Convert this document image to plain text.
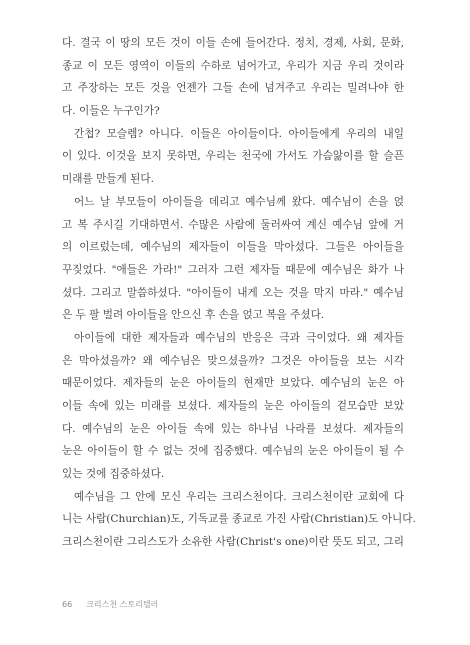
다. 결국 이 땅의 모든 것이 이들 손에 들어간다. 정치, 경제, 사회, 문화,
종교 이 모든 영역이 이들의 수하로 넘어가고, 우리가 지금 우리 것이라
고 주장하는 모든 것을 언젠가 그들 손에 넘겨주고 우리는 밀려나야 한
다. 이들은 누구인가?
간첩? 모슬렘? 아니다. 이들은 아이들이다. 아이들에게 우리의 내일
이 있다. 이것을 보지 못하면, 우리는 천국에 가서도 가슴앓이를 할 슬픈
미래를 만들게 된다.
어느 날 부모들이 아이들을 데리고 예수님께 왔다. 예수님이 손을 얹
고 복 주시길 기대하면서. 수많은 사람에 둘러싸여 계신 예수님 앞에 거
의 이르렀는데, 예수님의 제자들이 이들을 막아섰다. 그들은 아이들을
꾸짖었다. "애들은 가라!" 그러자 그런 제자들 때문에 예수님은 화가 나
셨다. 그리고 말씀하셨다. "아이들이 내게 오는 것을 막지 마라." 예수님
은 두 팔 벌려 아이들을 안으신 후 손을 얹고 복을 주셨다.
아이들에 대한 제자들과 예수님의 반응은 극과 극이었다. 왜 제자들
은 막아섰을까? 왜 예수님은 맞으셨을까? 그것은 아이들을 보는 시각
때문이었다. 제자들의 눈은 아이들의 현재만 보았다. 예수님의 눈은 아
이들 속에 있는 미래를 보셨다. 제자들의 눈은 아이들의 겉모습만 보았
다. 예수님의 눈은 아이들 속에 있는 하나님 나라를 보셨다. 제자들의
눈은 아이들이 할 수 없는 것에 집중했다. 예수님의 눈은 아이들이 될 수
있는 것에 집중하셨다.
예수님을 그 안에 모신 우리는 크리스천이다. 크리스천이란 교회에 다
니는 사람(Churchian)도, 기독교를 종교로 가진 사람(Christian)도 아니다.
크리스천이란 그리스도가 소유한 사람(Christ's one)이란 뜻도 되고, 그리
66 크리스천 스토리텔러
